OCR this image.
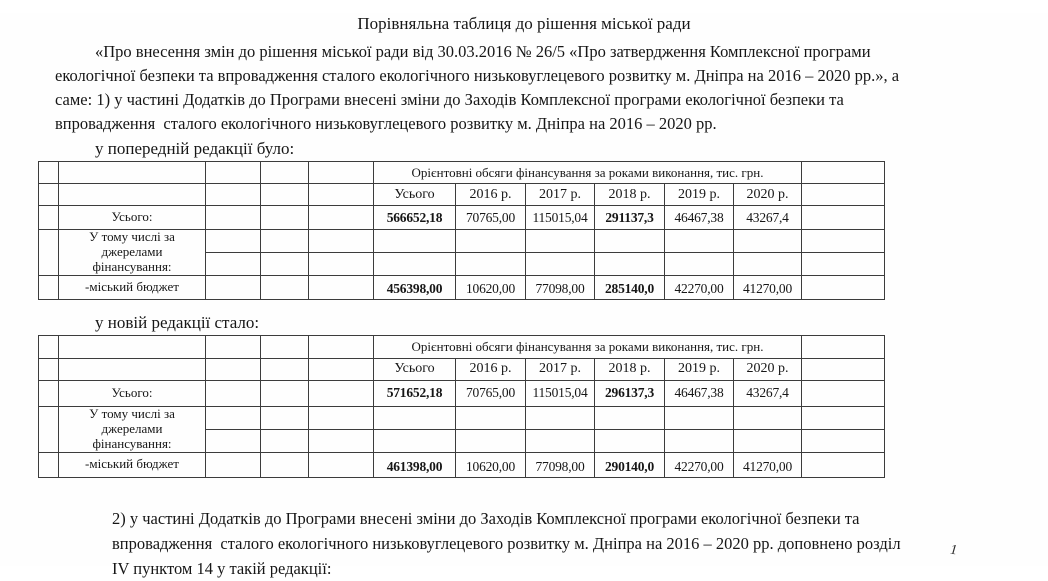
Порівняльна таблиця до рішення міської ради
«Про внесення змін до рішення міської ради від 30.03.2016 № 26/5 «Про затвердження Комплексної програми
екологічної безпеки та впровадження сталого екологічного низьковуглецевого розвитку м. Дніпра на 2016 – 2020 рр.», а
саме: 1) у частині Додатків до Програми внесені зміни до Заходів Комплексної програми екологічної безпеки та
впровадження  сталого екологічного низьковуглецевого розвитку м. Дніпра на 2016 – 2020 рр.
у попередній редакції було:
					Орієнтовні обсяги фінансування за роками виконання, тис. грн.						
					Усього	2016 р.	2017 р.	2018 р.	2019 р.	2020 р.	
	Усього:				566652,18	70765,00	115015,04	291137,3	46467,38	43267,4	
	У тому числі за джерелами фінансування:										

	-міський бюджет				456398,00	10620,00	77098,00	285140,0	42270,00	41270,00	
у новій редакції стало:
					Орієнтовні обсяги фінансування за роками виконання, тис. грн.						
					Усього	2016 р.	2017 р.	2018 р.	2019 р.	2020 р.	
	Усього:				571652,18	70765,00	115015,04	296137,3	46467,38	43267,4	
	У тому числі за джерелами фінансування:										

	-міський бюджет				461398,00	10620,00	77098,00	290140,0	42270,00	41270,00	
2) у частині Додатків до Програми внесені зміни до Заходів Комплексної програми екологічної безпеки та
впровадження  сталого екологічного низьковуглецевого розвитку м. Дніпра на 2016 – 2020 рр. доповнено розділ
IV пунктом 14 у такій редакції:
1
